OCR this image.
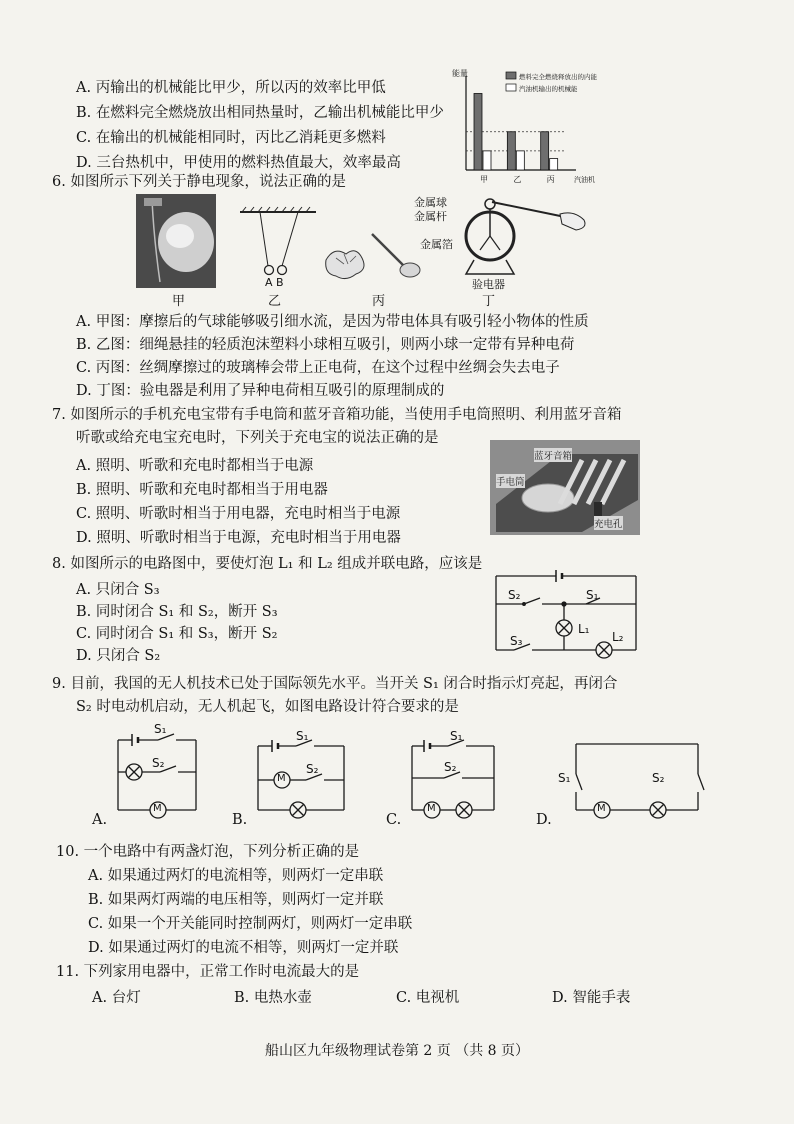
A. 丙输出的机械能比甲少，所以丙的效率比甲低
B. 在燃料完全燃烧放出相同热量时，乙输出机械能比甲少
C. 在输出的机械能相同时，丙比乙消耗更多燃料
D. 三台热机中，甲使用的燃料热值最大，效率最高
能量
汽油机
甲	乙	丙
燃料完全燃烧释放出的内能
汽油机输出的机械能
6. 如图所示下列关于静电现象，说法正确的是
金属球
金属杆
金属箔
验电器
A B
甲	乙	丙	丁
A. 甲图：摩擦后的气球能够吸引细水流，是因为带电体具有吸引轻小物体的性质
B. 乙图：细绳悬挂的轻质泡沫塑料小球相互吸引，则两小球一定带有异种电荷
C. 丙图：丝绸摩擦过的玻璃棒会带上正电荷，在这个过程中丝绸会失去电子
D. 丁图：验电器是利用了异种电荷相互吸引的原理制成的
7. 如图所示的手机充电宝带有手电筒和蓝牙音箱功能，当使用手电筒照明、利用蓝牙音箱
听歌或给充电宝充电时，下列关于充电宝的说法正确的是
A. 照明、听歌和充电时都相当于电源
B. 照明、听歌和充电时都相当于用电器
C. 照明、听歌时相当于用电器，充电时相当于电源
D. 照明、听歌时相当于电源，充电时相当于用电器
蓝牙音箱
手电筒
充电孔
8. 如图所示的电路图中，要使灯泡 L₁ 和 L₂ 组成并联电路，应该是
A. 只闭合 S₃
B. 同时闭合 S₁ 和 S₂，断开 S₃
C. 同时闭合 S₁ 和 S₃，断开 S₂
D. 只闭合 S₂
S₂	S₁
S₃
L₁
L₂
9. 目前，我国的无人机技术已处于国际领先水平。当开关 S₁ 闭合时指示灯亮起，再闭合
S₂ 时电动机启动，无人机起飞，如图电路设计符合要求的是
M
M
M	M
S₁
S₂
S₁
S₂
S₁
S₂
S₁	S₂
A.	B.	C.	D.
10. 一个电路中有两盏灯泡，下列分析正确的是
A. 如果通过两灯的电流相等，则两灯一定串联
B. 如果两灯两端的电压相等，则两灯一定并联
C. 如果一个开关能同时控制两灯，则两灯一定串联
D. 如果通过两灯的电流不相等，则两灯一定并联
11. 下列家用电器中，正常工作时电流最大的是
A. 台灯	B. 电热水壶	C. 电视机	D. 智能手表
船山区九年级物理试卷第 2 页 （共 8 页）
